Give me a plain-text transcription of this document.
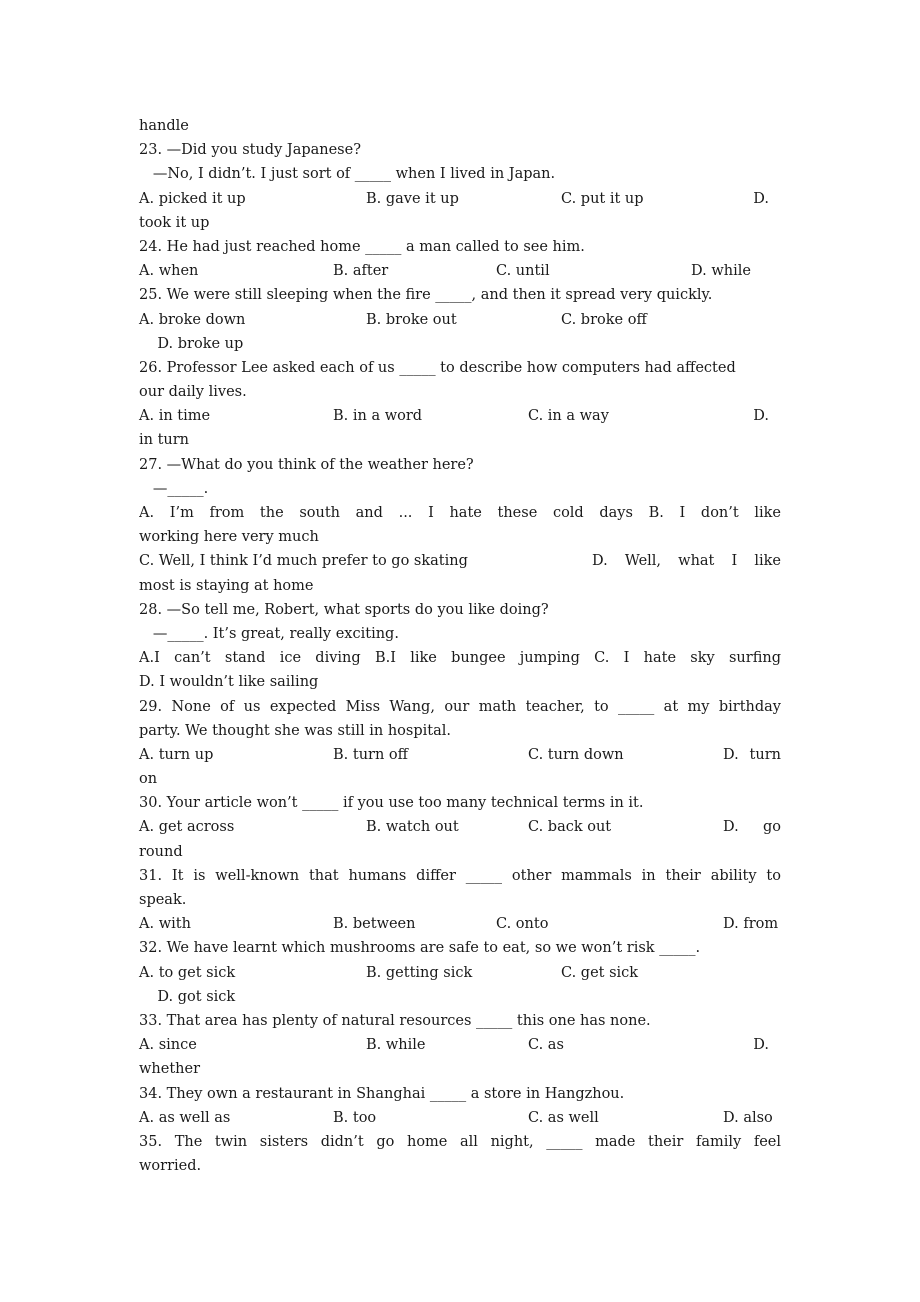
handle
23. —Did you study Japanese?
—No, I didn’t. I just sort of _____ when I lived in Japan.
A. picked it up	B. gave it up	C. put it up	D.
took it up
24. He had just reached home _____ a man called to see him.
A. when	B. after	C. until	D. while
25. We were still sleeping when the fire _____, and then it spread very quickly.
A. broke down	B. broke out	C. broke off
D. broke up
26. Professor Lee asked each of us _____ to describe how computers had affected
our daily lives.
A. in time	B. in a word	C. in a way	D.
in turn
27. —What do you think of the weather here?
—_____.
A. I’m from the south and ... I hate these cold days B. I don’t like
working here very much
C. Well, I think I’d much prefer to go skating	D. Well, what I like
most is staying at home
28. —So tell me, Robert, what sports do you like doing?
—_____. It’s great, really exciting.
A.I can’t stand ice diving B.I like bungee jumping C. I hate sky surfing
D. I wouldn’t like sailing
29. None of us expected Miss Wang, our math teacher, to _____ at my birthday
party. We thought she was still in hospital.
A. turn up	B. turn off	C. turn down	D. turn
on
30. Your article won’t _____ if you use too many technical terms in it.
A. get across	B. watch out	C. back out	D. go
round
31. It is well-known that humans differ _____ other mammals in their ability to
speak.
A. with	B. between	C. onto	D. from
32. We have learnt which mushrooms are safe to eat, so we won’t risk _____.
A. to get sick	B. getting sick	C. get sick
D. got sick
33. That area has plenty of natural resources _____ this one has none.
A. since	B. while	C. as	D.
whether
34. They own a restaurant in Shanghai _____ a store in Hangzhou.
A. as well as	B. too	C. as well	D. also
35. The twin sisters didn’t go home all night, _____ made their family feel
worried.
